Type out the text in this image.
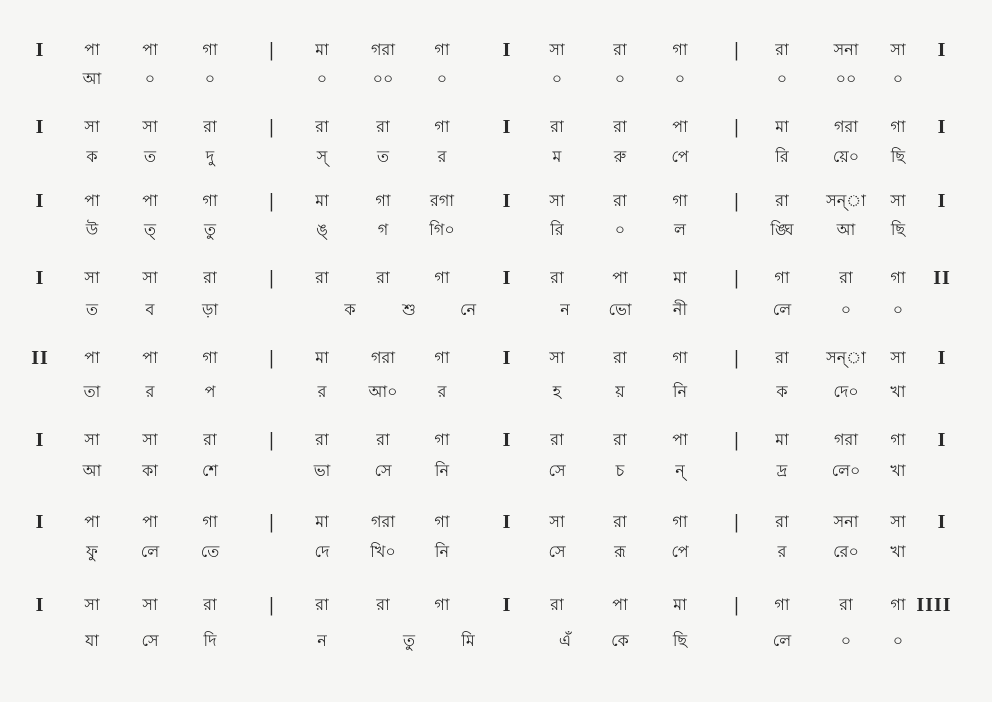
I পা	পা	গা	|	মা	গরা গা	I সা	রা	গা | রা	সনা সা I
আ	০	০	০	০০	০	০	০	০	০	০০ ০
I সা	সা	রা	|	রা	রা	গা	I রা	রা	পা | মা	গরা গা I
ক	ত	দু	স্	ত	র	ম	রু	পে	রি	য়ে০ ছি
I পা	পা	গা	|	মা	গা রগা I সা	রা	গা | রা সন্‌া সা I
উ	ত্	তু	ঙ্	গ	গি০	রি	০	ল	ঙ্ঘি	আ ছি
I সা	সা	রা	|	রা	রা	গা	I রা	পা	মা | গা	রা গা II
ত	ব	ড়া	ক	শু	নে	ন ভো	নী	লে	০	০
II পা	পা	গা	|	মা	গরা গা	I সা	রা	গা | রা সন্‌া সা I
তা	র	প	র	আ০	র	হ	য়	নি	ক	দে০ খা
I সা	সা	রা	|	রা	রা	গা	I রা	রা	পা | মা	গরা গা I
আ	কা	শে	ভা	সে	নি	সে	চ	ন্	দ্র	লে০ খা
I পা	পা	গা	|	মা	গরা গা	I সা	রা	গা | রা	সনা সা I
ফু	লে	তে	দে	খি০ নি	সে	রূ	পে	র	রে০ খা
I সা	সা	রা	|	রা	রা	গা	I রা	পা	মা | গা	রা গা IIII
যা	সে	দি	ন	তু	মি	এঁ	কে	ছি	লে	০	০
